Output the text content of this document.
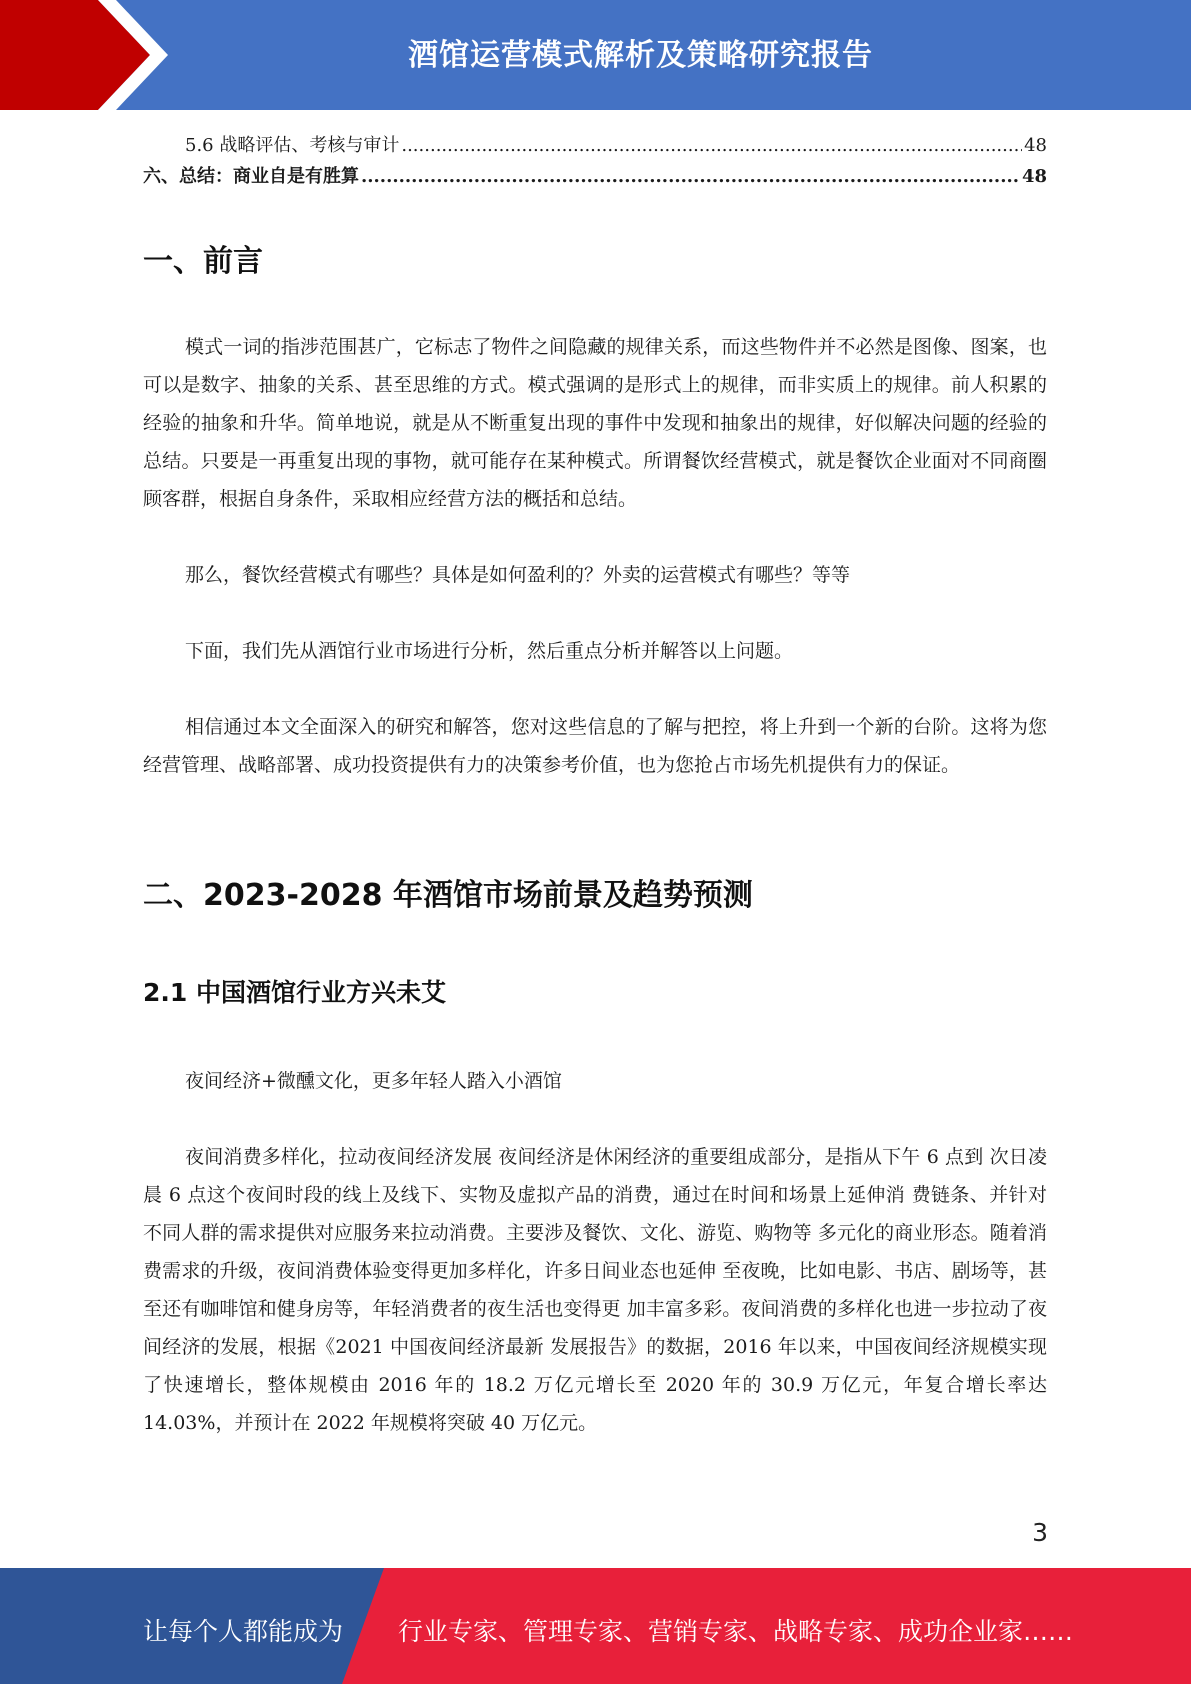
酒馆运营模式解析及策略研究报告
5.6 战略评估、考核与审计 .....	48
六、总结：商业自是有胜算 .....	48
一、前言

模式一词的指涉范围甚广，它标志了物件之间隐藏的规律关系，而这些物件并不必然是图像、图案，也可以是数字、抽象的关系、甚至思维的方式。模式强调的是形式上的规律，而非实质上的规律。前人积累的经验的抽象和升华。简单地说，就是从不断重复出现的事件中发现和抽象出的规律，好似解决问题的经验的总结。只要是一再重复出现的事物，就可能存在某种模式。所谓餐饮经营模式，就是餐饮企业面对不同商圈顾客群，根据自身条件，采取相应经营方法的概括和总结。

那么，餐饮经营模式有哪些？具体是如何盈利的？外卖的运营模式有哪些？等等

下面，我们先从酒馆行业市场进行分析，然后重点分析并解答以上问题。

相信通过本文全面深入的研究和解答，您对这些信息的了解与把控，将上升到一个新的台阶。这将为您经营管理、战略部署、成功投资提供有力的决策参考价值，也为您抢占市场先机提供有力的保证。

二、2023-2028 年酒馆市场前景及趋势预测
2.1 中国酒馆行业方兴未艾

夜间经济+微醺文化，更多年轻人踏入小酒馆

夜间消费多样化，拉动夜间经济发展 夜间经济是休闲经济的重要组成部分，是指从下午 6 点到 次日凌晨 6 点这个夜间时段的线上及线下、实物及虚拟产品的消费，通过在时间和场景上延伸消 费链条、并针对不同人群的需求提供对应服务来拉动消费。主要涉及餐饮、文化、游览、购物等 多元化的商业形态。随着消费需求的升级，夜间消费体验变得更加多样化，许多日间业态也延伸 至夜晚，比如电影、书店、剧场等，甚至还有咖啡馆和健身房等，年轻消费者的夜生活也变得更 加丰富多彩。夜间消费的多样化也进一步拉动了夜间经济的发展，根据《2021 中国夜间经济最新 发展报告》的数据，2016 年以来，中国夜间经济规模实现了快速增长，整体规模由 2016 年的 18.2 万亿元增长至 2020 年的 30.9 万亿元，年复合增长率达 14.03%，并预计在 2022 年规模将突破 40 万亿元。

3
让每个人都能成为 行业专家、管理专家、营销专家、战略专家、成功企业家……
